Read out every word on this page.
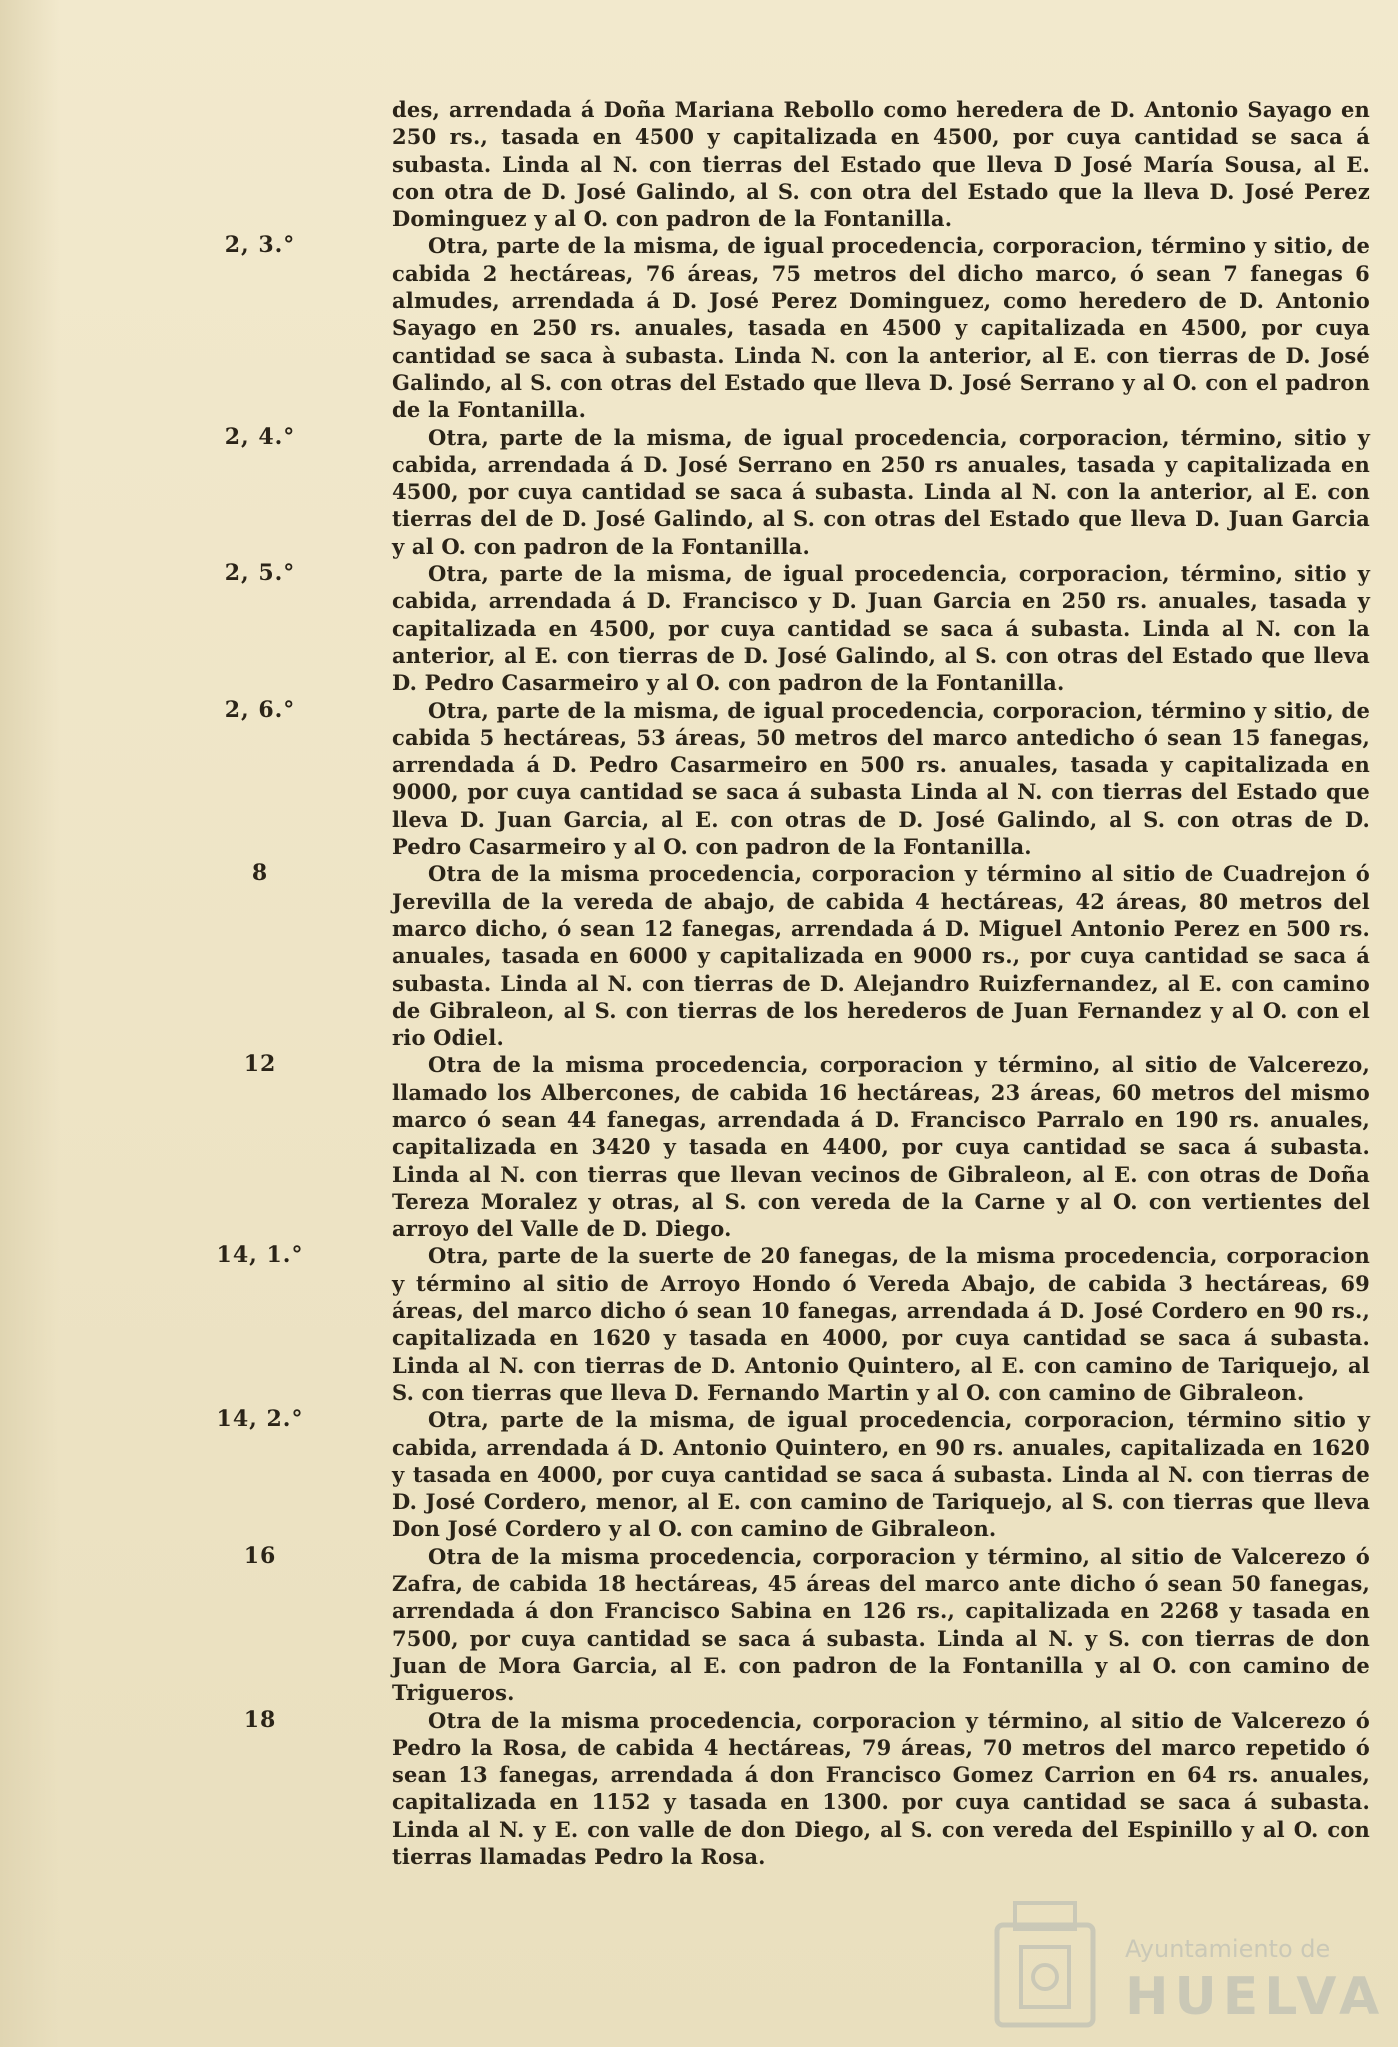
des, arrendada á Doña Mariana Rebollo como heredera de D. Antonio Sayago en 250 rs., tasada en 4500 y capitalizada en 4500, por cuya cantidad se saca á subasta. Linda al N. con tierras del Estado que lleva D José María Sousa, al E. con otra de D. José Galindo, al S. con otra del Estado que la lleva D. José Perez Dominguez y al O. con padron de la Fontanilla.
2, 3.°	Otra, parte de la misma, de igual procedencia, corporacion, término y sitio, de cabida 2 hectáreas, 76 áreas, 75 metros del dicho marco, ó sean 7 fanegas 6 almudes, arrendada á D. José Perez Dominguez, como heredero de D. Antonio Sayago en 250 rs. anuales, tasada en 4500 y capitalizada en 4500, por cuya cantidad se saca à subasta. Linda N. con la anterior, al E. con tierras de D. José Galindo, al S. con otras del Estado que lleva D. José Serrano y al O. con el padron de la Fontanilla.
2, 4.°	Otra, parte de la misma, de igual procedencia, corporacion, término, sitio y cabida, arrendada á D. José Serrano en 250 rs anuales, tasada y capitalizada en 4500, por cuya cantidad se saca á subasta. Linda al N. con la anterior, al E. con tierras del de D. José Galindo, al S. con otras del Estado que lleva D. Juan Garcia y al O. con padron de la Fontanilla.
2, 5.°	Otra, parte de la misma, de igual procedencia, corporacion, término, sitio y cabida, arrendada á D. Francisco y D. Juan Garcia en 250 rs. anuales, tasada y capitalizada en 4500, por cuya cantidad se saca á subasta. Linda al N. con la anterior, al E. con tierras de D. José Galindo, al S. con otras del Estado que lleva D. Pedro Casarmeiro y al O. con padron de la Fontanilla.
2, 6.°	Otra, parte de la misma, de igual procedencia, corporacion, término y sitio, de cabida 5 hectáreas, 53 áreas, 50 metros del marco antedicho ó sean 15 fanegas, arrendada á D. Pedro Casarmeiro en 500 rs. anuales, tasada y capitalizada en 9000, por cuya cantidad se saca á subasta Linda al N. con tierras del Estado que lleva D. Juan Garcia, al E. con otras de D. José Galindo, al S. con otras de D. Pedro Casarmeiro y al O. con padron de la Fontanilla.
8	Otra de la misma procedencia, corporacion y término al sitio de Cuadrejon ó Jerevilla de la vereda de abajo, de cabida 4 hectáreas, 42 áreas, 80 metros del marco dicho, ó sean 12 fanegas, arrendada á D. Miguel Antonio Perez en 500 rs. anuales, tasada en 6000 y capitalizada en 9000 rs., por cuya cantidad se saca á subasta. Linda al N. con tierras de D. Alejandro Ruizfernandez, al E. con camino de Gibraleon, al S. con tierras de los herederos de Juan Fernandez y al O. con el rio Odiel.
12	Otra de la misma procedencia, corporacion y término, al sitio de Valcerezo, llamado los Albercones, de cabida 16 hectáreas, 23 áreas, 60 metros del mismo marco ó sean 44 fanegas, arrendada á D. Francisco Parralo en 190 rs. anuales, capitalizada en 3420 y tasada en 4400, por cuya cantidad se saca á subasta. Linda al N. con tierras que llevan vecinos de Gibraleon, al E. con otras de Doña Tereza Moralez y otras, al S. con vereda de la Carne y al O. con vertientes del arroyo del Valle de D. Diego.
14, 1.°	Otra, parte de la suerte de 20 fanegas, de la misma procedencia, corporacion y término al sitio de Arroyo Hondo ó Vereda Abajo, de cabida 3 hectáreas, 69 áreas, del marco dicho ó sean 10 fanegas, arrendada á D. José Cordero en 90 rs., capitalizada en 1620 y tasada en 4000, por cuya cantidad se saca á subasta. Linda al N. con tierras de D. Antonio Quintero, al E. con camino de Tariquejo, al S. con tierras que lleva D. Fernando Martin y al O. con camino de Gibraleon.
14, 2.°	Otra, parte de la misma, de igual procedencia, corporacion, término sitio y cabida, arrendada á D. Antonio Quintero, en 90 rs. anuales, capitalizada en 1620 y tasada en 4000, por cuya cantidad se saca á subasta. Linda al N. con tierras de D. José Cordero, menor, al E. con camino de Tariquejo, al S. con tierras que lleva Don José Cordero y al O. con camino de Gibraleon.
16	Otra de la misma procedencia, corporacion y término, al sitio de Valcerezo ó Zafra, de cabida 18 hectáreas, 45 áreas del marco ante dicho ó sean 50 fanegas, arrendada á don Francisco Sabina en 126 rs., capitalizada en 2268 y tasada en 7500, por cuya cantidad se saca á subasta. Linda al N. y S. con tierras de don Juan de Mora Garcia, al E. con padron de la Fontanilla y al O. con camino de Trigueros.
18	Otra de la misma procedencia, corporacion y término, al sitio de Valcerezo ó Pedro la Rosa, de cabida 4 hectáreas, 79 áreas, 70 metros del marco repetido ó sean 13 fanegas, arrendada á don Francisco Gomez Carrion en 64 rs. anuales, capitalizada en 1152 y tasada en 1300. por cuya cantidad se saca á subasta. Linda al N. y E. con valle de don Diego, al S. con vereda del Espinillo y al O. con tierras llamadas Pedro la Rosa.
Ayuntamiento de
HUELVA
